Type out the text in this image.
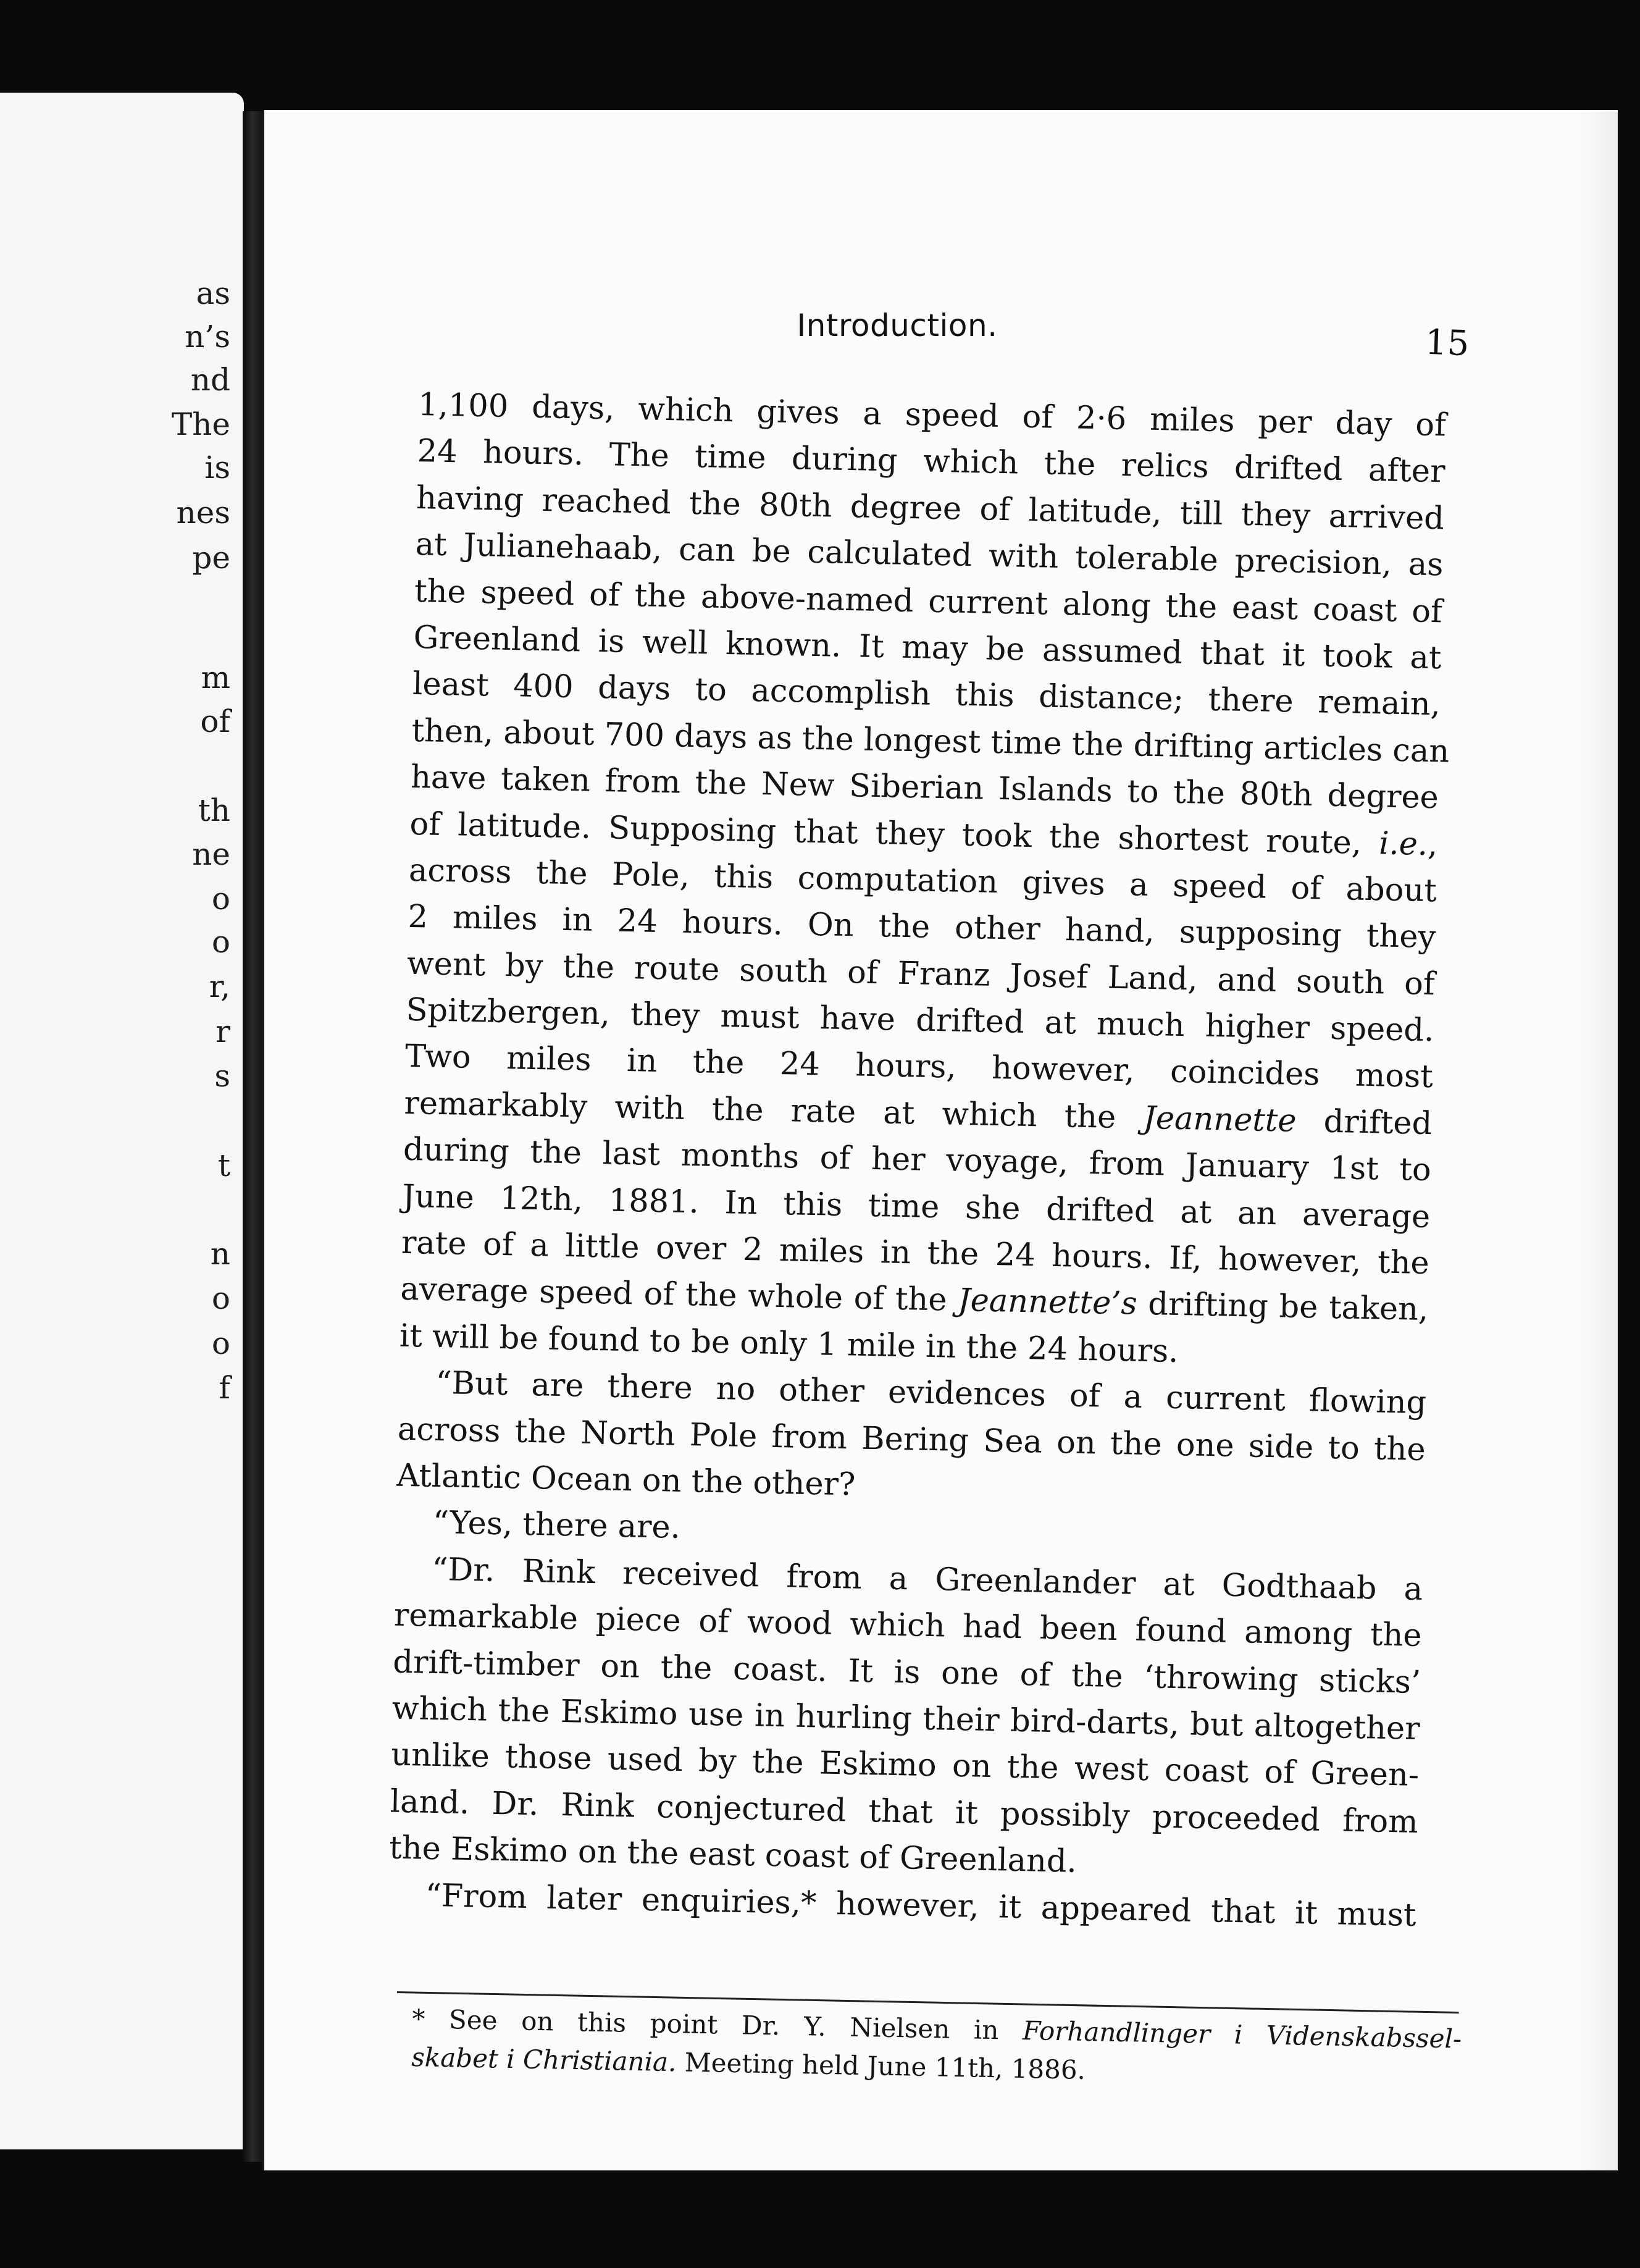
as
n’s
nd
The
is
nes
pe
m
of
th
ne
o
o
r,
r
s
t
n
o
o
f
Introduction.	15
1,100 days, which gives a speed of 2·6 miles per day of
24 hours. The time during which the relics drifted after
having reached the 80th degree of latitude, till they arrived
at Julianehaab, can be calculated with tolerable precision, as
the speed of the above-named current along the east coast of
Greenland is well known. It may be assumed that it took at
least 400 days to accomplish this distance; there remain,
then, about 700 days as the longest time the drifting articles can
have taken from the New Siberian Islands to the 80th degree
of latitude. Supposing that they took the shortest route, i.e.,
across the Pole, this computation gives a speed of about
2 miles in 24 hours. On the other hand, supposing they
went by the route south of Franz Josef Land, and south of
Spitzbergen, they must have drifted at much higher speed.
Two miles in the 24 hours, however, coincides most
remarkably with the rate at which the Jeannette drifted
during the last months of her voyage, from January 1st to
June 12th, 1881. In this time she drifted at an average
rate of a little over 2 miles in the 24 hours. If, however, the
average speed of the whole of the Jeannette’s drifting be taken,
it will be found to be only 1 mile in the 24 hours.
“But are there no other evidences of a current flowing
across the North Pole from Bering Sea on the one side to the
Atlantic Ocean on the other?
“Yes, there are.
“Dr. Rink received from a Greenlander at Godthaab a
remarkable piece of wood which had been found among the
drift-timber on the coast. It is one of the ‘throwing sticks’
which the Eskimo use in hurling their bird-darts, but altogether
unlike those used by the Eskimo on the west coast of Green-
land. Dr. Rink conjectured that it possibly proceeded from
the Eskimo on the east coast of Greenland.
“From later enquiries,* however, it appeared that it must
* See on this point Dr. Y. Nielsen in Forhandlinger i Videnskabssel-
skabet i Christiania. Meeting held June 11th, 1886.
